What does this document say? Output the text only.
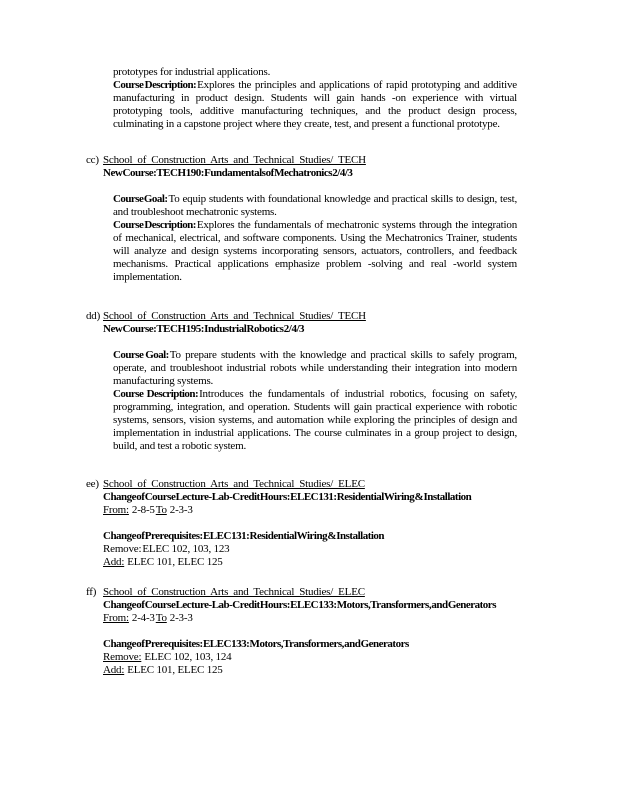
prototypes for industrial applications.
Course Description:Explores the principles and applications of rapid prototyping and additive manufacturing in product design. Students will gain hands -on experience with virtual prototyping tools, additive manufacturing techniques, and the product design process, culminating in a capstone project where they create, test, and present a functional prototype.
cc) School of Construction Arts and Technical Studies/ TECH
New Course: TECH 190: Fundamentals of Mechatronics 2/4/3
Course Goal:To equip students with foundational knowledge and practical skills to design, test, and troubleshoot mechatronic systems.
Course Description:Explores the fundamentals of mechatronic systems through the integration of mechanical, electrical, and software components. Using the Mechatronics Trainer, students will analyze and design systems incorporating sensors, actuators, controllers, and feedback mechanisms. Practical applications emphasize problem -solving and real -world system implementation.
dd) School of Construction Arts and Technical Studies/ TECH
New Course: TECH 195: Industrial Robotics 2/ 4/3
Course Goal:To prepare students with the knowledge and practical skills to safely program, operate, and troubleshoot industrial robots while understanding their integration into modern manufacturing systems.
Course Description:Introduces the fundamentals of industrial robotics, focusing on safety, programming, integration, and operation. Students will gain practical experience with robotic systems, sensors, vision systems, and automation while exploring the principles of design and implementation in industrial applications. The course culminates in a group project to design, build, and test a robotic system.
ee) School of Construction Arts and Technical Studies/ ELEC
Change of Course Lecture-Lab-Credit Hours: ELEC 131: Residential Wiring & Installation
From: 2-8-5To 2-3-3
Change of Prerequisites: ELEC 131: Residential Wiring & Installation
Remove:ELEC 102, 103, 123
Add: ELEC 101, ELEC 125
ff) School of Construction Arts and Technical Studies/ ELEC
Change of Course Lecture-Lab-Credit Hours: ELEC 133: Motors, Transformers, and Generators
From: 2-4-3To 2-3-3
Change of Prerequisites: ELEC 133: Motors, Transformers, and Generators
Remove: ELEC 102, 103, 124
Add: ELEC 101, ELEC 125
